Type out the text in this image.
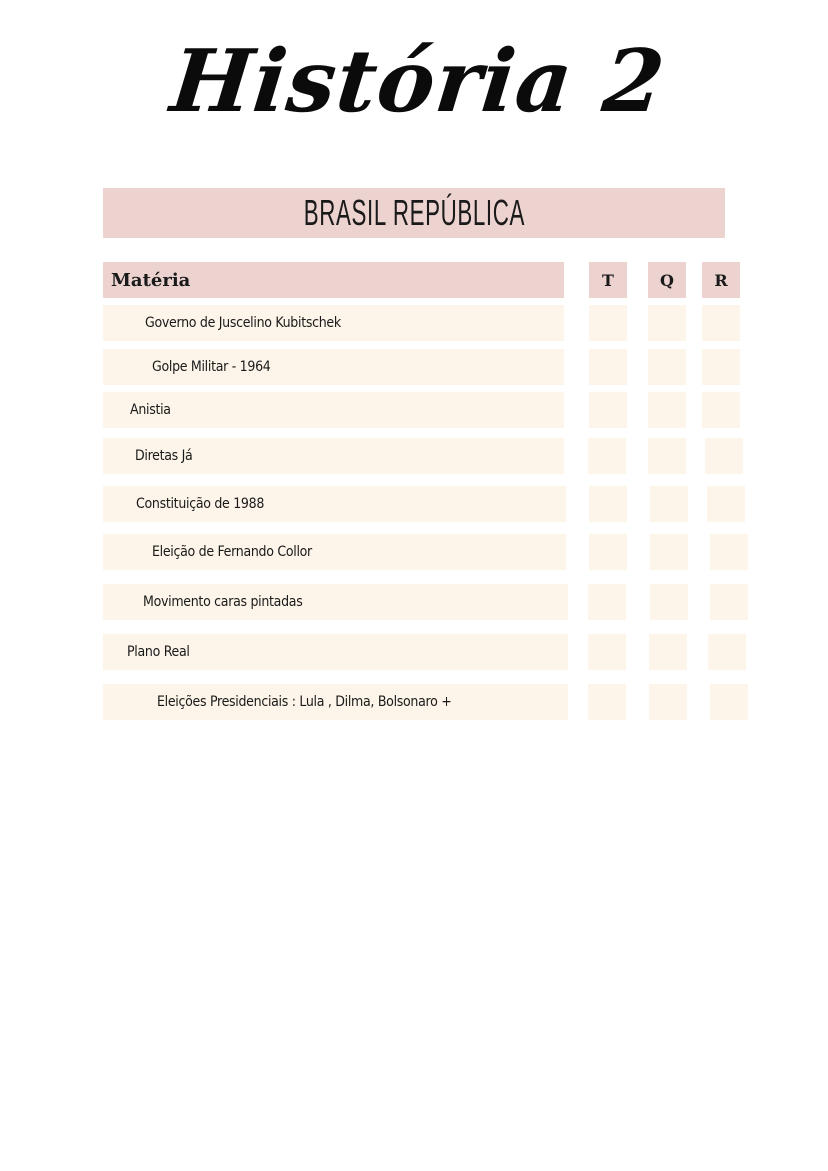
História 2
BRASIL REPÚBLICA
Matéria	T	Q	R
Governo de Juscelino Kubitschek
Golpe Militar - 1964
Anistia
Diretas Já
Constituição de 1988
Eleição de Fernando Collor
Movimento caras pintadas
Plano Real
Eleições Presidenciais : Lula , Dilma, Bolsonaro +
